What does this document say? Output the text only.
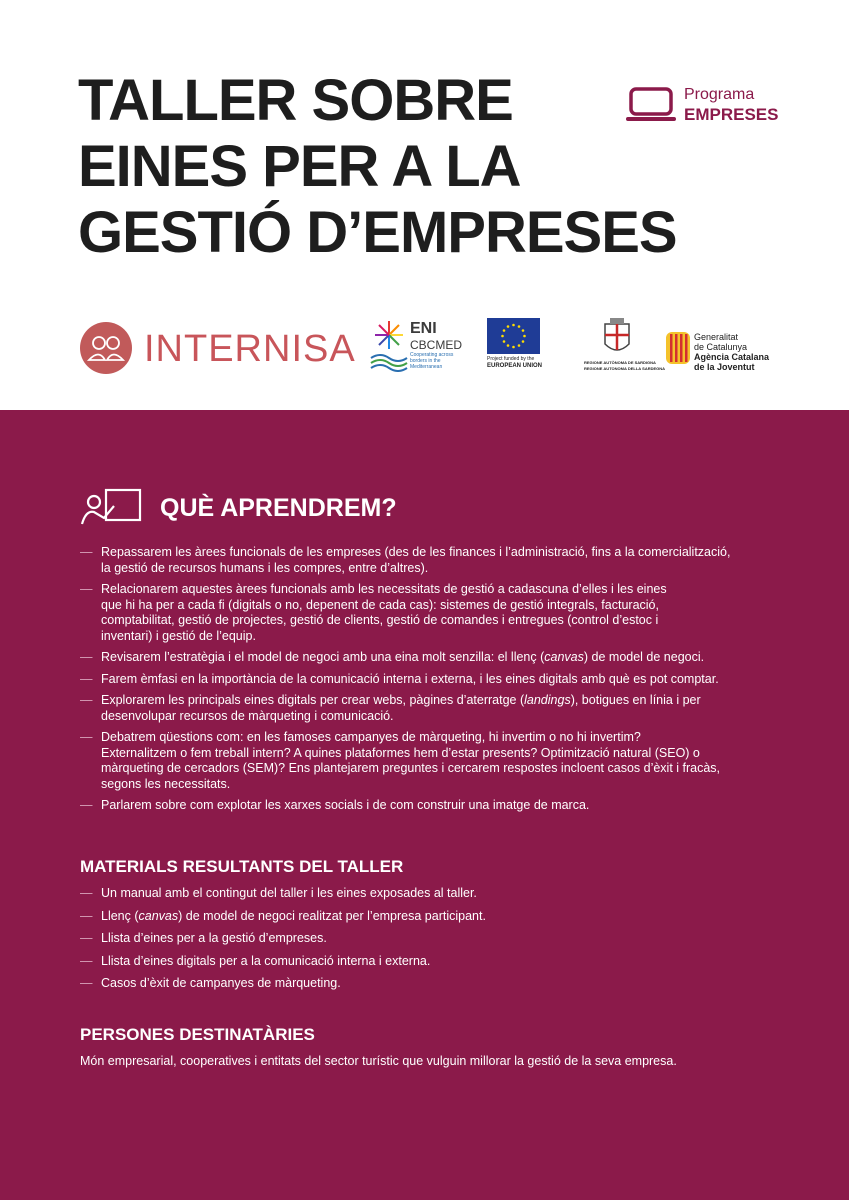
TALLER SOBRE
EINES PER A LA
GESTIÓ D’EMPRESES
Programa
EMPRESES
INTERNISA	ENI
CBCMED
Cooperating across borders in the Mediterranean
Project funded by the
EUROPEAN UNION
REGIONE AUTÒNOMA DE SARDIGNA
REGIONE AUTONOMA DELLA SARDEGNA
Generalitat
de Catalunya
Agència Catalana
de la Joventut
QUÈ APRENDREM?
— Repassarem les àrees funcionals de les empreses (des de les finances i l’administració, fins a la comercialització,
la gestió de recursos humans i les compres, entre d’altres).
— Relacionarem aquestes àrees funcionals amb les necessitats de gestió a cadascuna d’elles i les eines
que hi ha per a cada fi (digitals o no, depenent de cada cas): sistemes de gestió integrals, facturació,
comptabilitat, gestió de projectes, gestió de clients, gestió de comandes i entregues (control d’estoc i
inventari) i gestió de l’equip.
— Revisarem l’estratègia i el model de negoci amb una eina molt senzilla: el llenç (canvas) de model de negoci.
— Farem èmfasi en la importància de la comunicació interna i externa, i les eines digitals amb què es pot comptar.
— Explorarem les principals eines digitals per crear webs, pàgines d’aterratge (landings), botigues en línia i per
desenvolupar recursos de màrqueting i comunicació.
— Debatrem qüestions com: en les famoses campanyes de màrqueting, hi invertim o no hi invertim?
Externalitzem o fem treball intern? A quines plataformes hem d’estar presents? Optimització natural (SEO) o
màrqueting de cercadors (SEM)? Ens plantejarem preguntes i cercarem respostes incloent casos d’èxit i fracàs,
segons les necessitats.
— Parlarem sobre com explotar les xarxes socials i de com construir una imatge de marca.
MATERIALS RESULTANTS DEL TALLER
— Un manual amb el contingut del taller i les eines exposades al taller.
— Llenç (canvas) de model de negoci realitzat per l’empresa participant.
— Llista d’eines per a la gestió d’empreses.
— Llista d’eines digitals per a la comunicació interna i externa.
— Casos d’èxit de campanyes de màrqueting.
PERSONES DESTINATÀRIES
Món empresarial, cooperatives i entitats del sector turístic que vulguin millorar la gestió de la seva empresa.
